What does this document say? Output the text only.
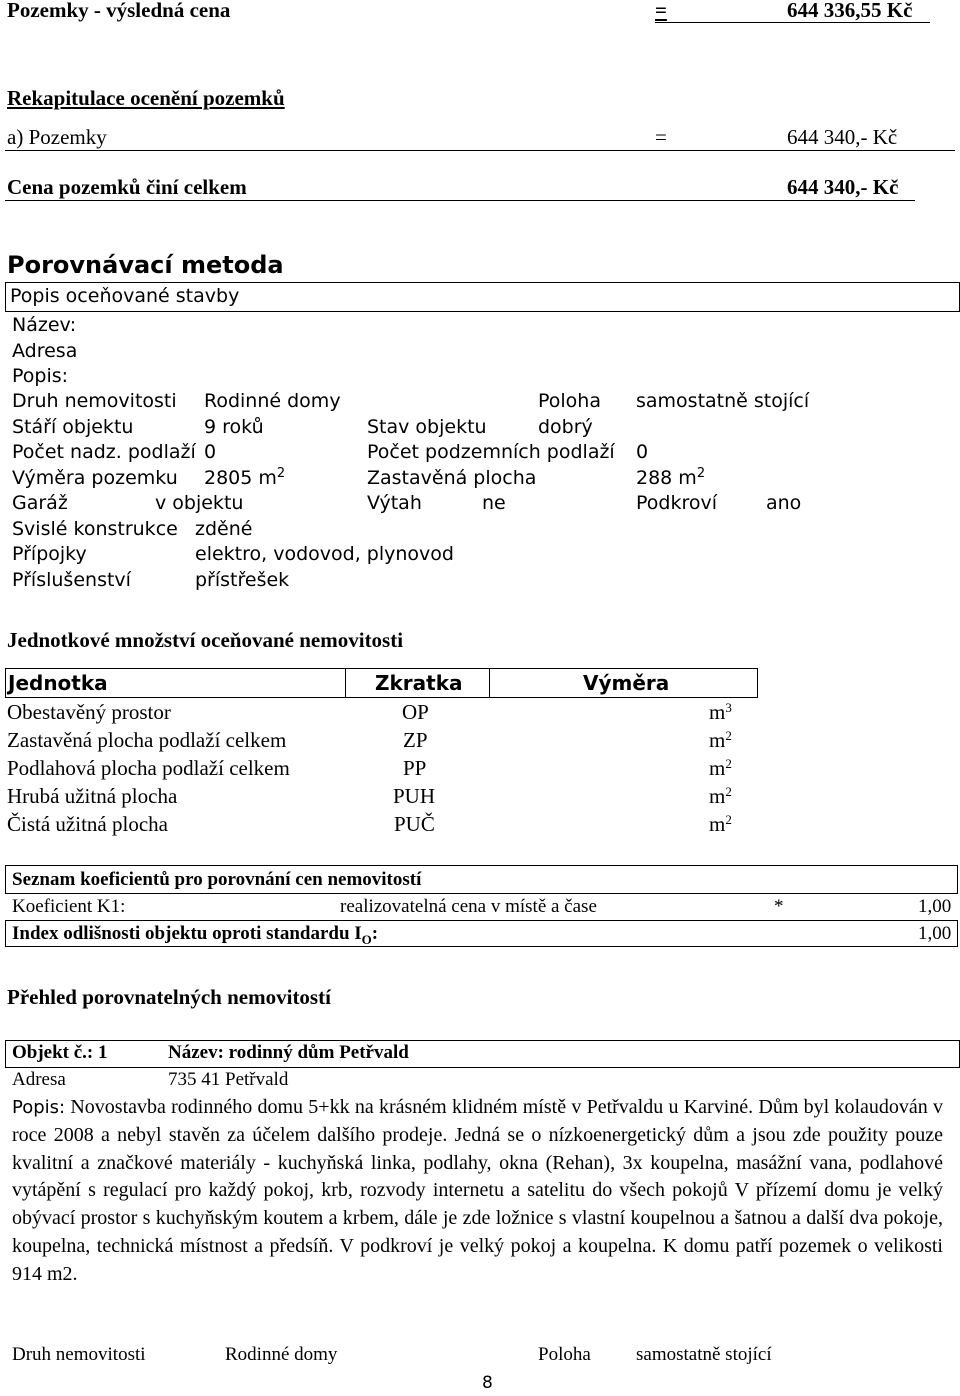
Pozemky - výsledná cena	=	644 336,55 Kč
Rekapitulace ocenění pozemků
a) Pozemky	=	644 340,- Kč
Cena pozemků činí celkem	644 340,- Kč
Porovnávací metoda
Popis oceňované stavby
Název:
Adresa
Popis:
Druh nemovitosti Rodinné domy	Poloha samostatně stojící
Stáří objektu	9 roků	Stav objektu	dobrý
Počet nadz. podlaží 0	Počet podzemních podlaží 0
Výměra pozemku 2805 $m^2$	Zastavěná plocha	288 $m^2$
Garáž	v objektu	Výtah	ne	Podkroví	ano
Svislé konstrukce zděné
Přípojky	elektro, vodovod, plynovod
Příslušenství	přístřešek
Jednotkové množství oceňované nemovitosti
Jednotka	Zkratka	Výměra
Obestavěný prostor	OP	$m^3$
Zastavěná plocha podlaží celkem	ZP	$m^2$
Podlahová plocha podlaží celkem	PP	$m^2$
Hrubá užitná plocha	PUH	$m^2$
Čistá užitná plocha	PUČ	$m^2$
Seznam koeficientů pro porovnání cen nemovitostí
Koeficient K1:	realizovatelná cena v místě a čase	*	1,00
Index odlišnosti objektu oproti standardu $I_O$:	1,00
Přehled porovnatelných nemovitostí
Objekt č.: 1	Název: rodinný dům Petřvald
Adresa	735 41 Petřvald
Popis: Novostavba rodinného domu 5+kk na krásném klidném místě v Petřvaldu u Karviné. Dům byl kolaudován v roce 2008 a nebyl stavěn za účelem dalšího prodeje. Jedná se o nízkoenergetický dům a jsou zde použity pouze kvalitní a značkové materiály - kuchyňská linka, podlahy, okna (Rehan), 3x koupelna, masážní vana, podlahové vytápění s regulací pro každý pokoj, krb, rozvody internetu a satelitu do všech pokojů V přízemí domu je velký obývací prostor s kuchyňským koutem a krbem, dále je zde ložnice s vlastní koupelnou a šatnou a další dva pokoje, koupelna, technická místnost a předsíň. V podkroví je velký pokoj a koupelna. K domu patří pozemek o velikosti 914 m2.
Druh nemovitosti	Rodinné domy	Poloha samostatně stojící
8
